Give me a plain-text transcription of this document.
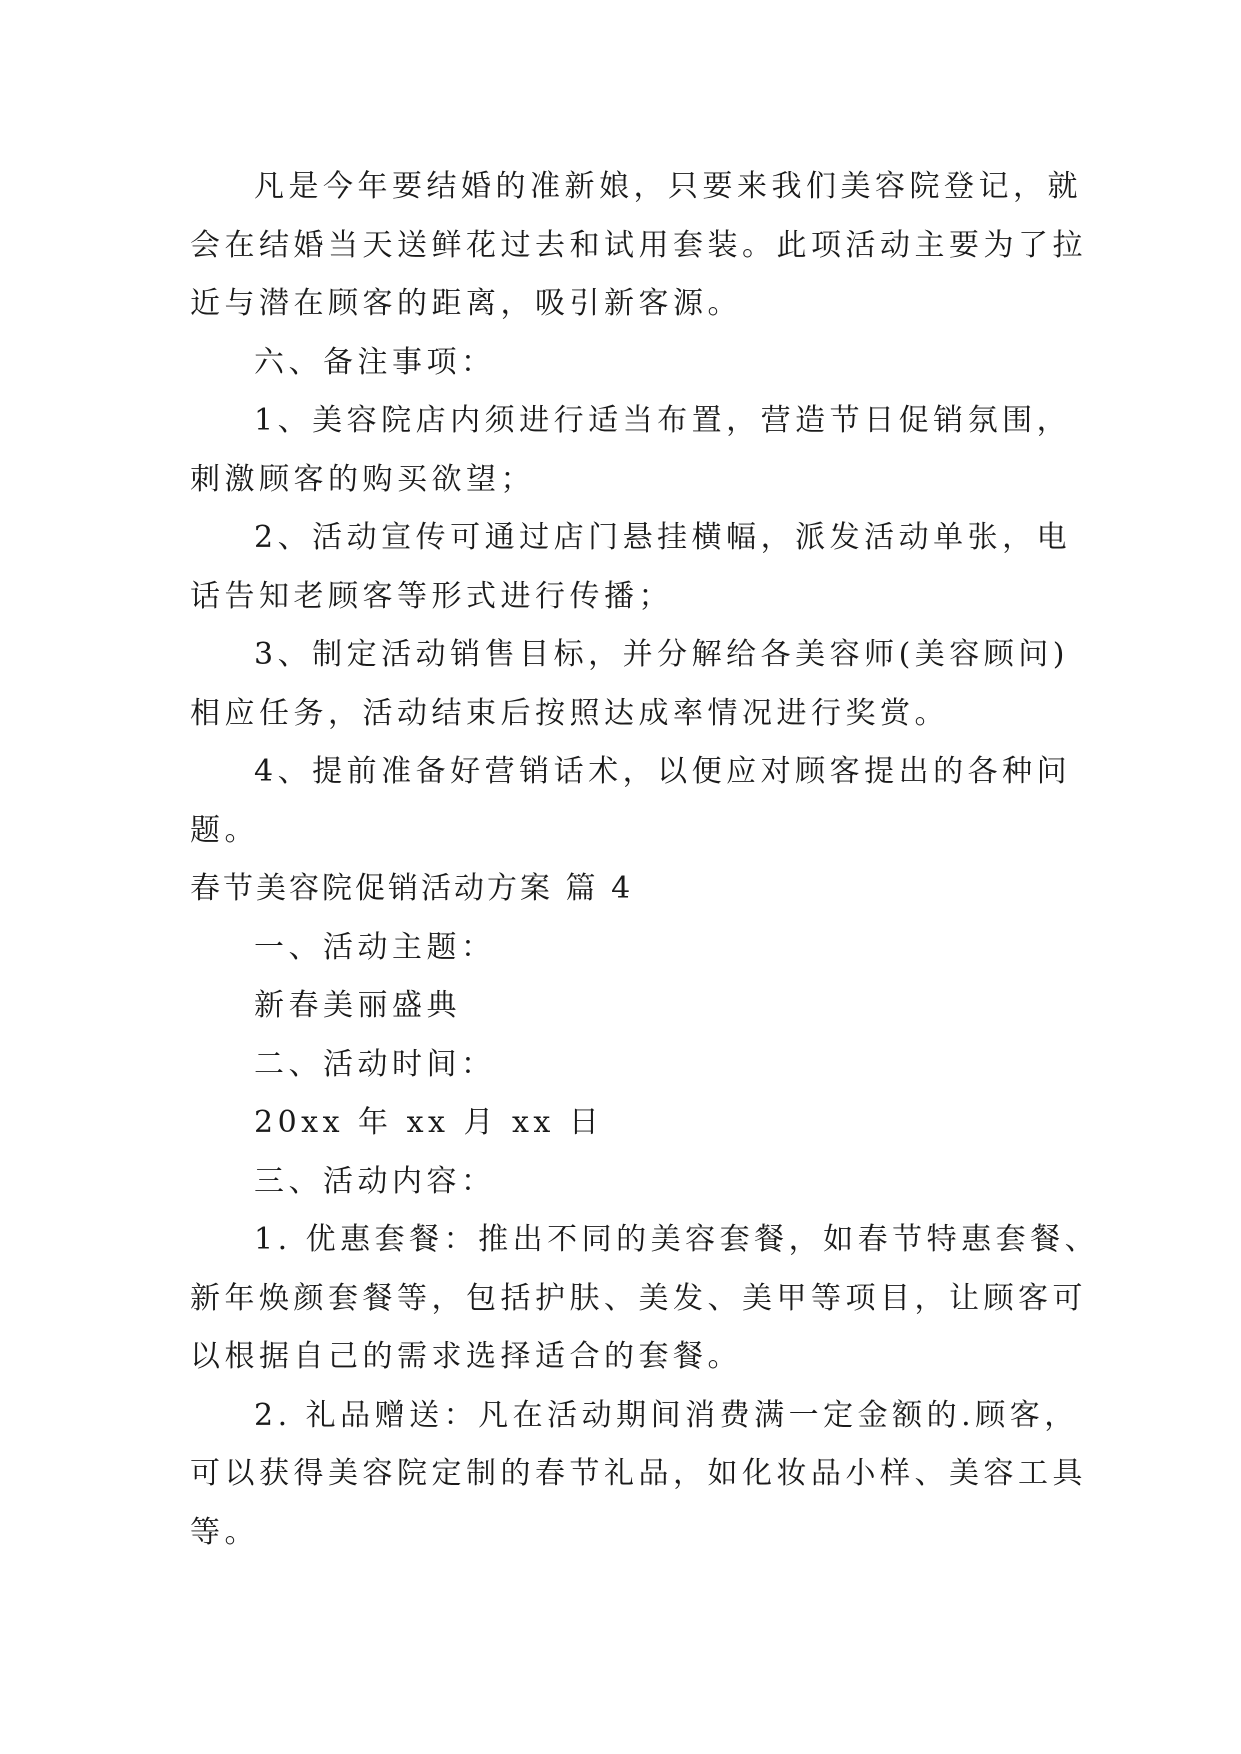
凡是今年要结婚的准新娘，只要来我们美容院登记，就

会在结婚当天送鲜花过去和试用套装。此项活动主要为了拉

近与潜在顾客的距离，吸引新客源。

六、备注事项：

1、美容院店内须进行适当布置，营造节日促销氛围，

刺激顾客的购买欲望；

2、活动宣传可通过店门悬挂横幅，派发活动单张，电

话告知老顾客等形式进行传播；

3、制定活动销售目标，并分解给各美容师(美容顾问)

相应任务，活动结束后按照达成率情况进行奖赏。

4、提前准备好营销话术，以便应对顾客提出的各种问

题。

春节美容院促销活动方案 篇 4

一、活动主题：

新春美丽盛典

二、活动时间：

20xx 年 xx 月 xx 日

三、活动内容：

1. 优惠套餐：推出不同的美容套餐，如春节特惠套餐、

新年焕颜套餐等，包括护肤、美发、美甲等项目，让顾客可

以根据自己的需求选择适合的套餐。

2. 礼品赠送：凡在活动期间消费满一定金额的.顾客，

可以获得美容院定制的春节礼品，如化妆品小样、美容工具

等。
